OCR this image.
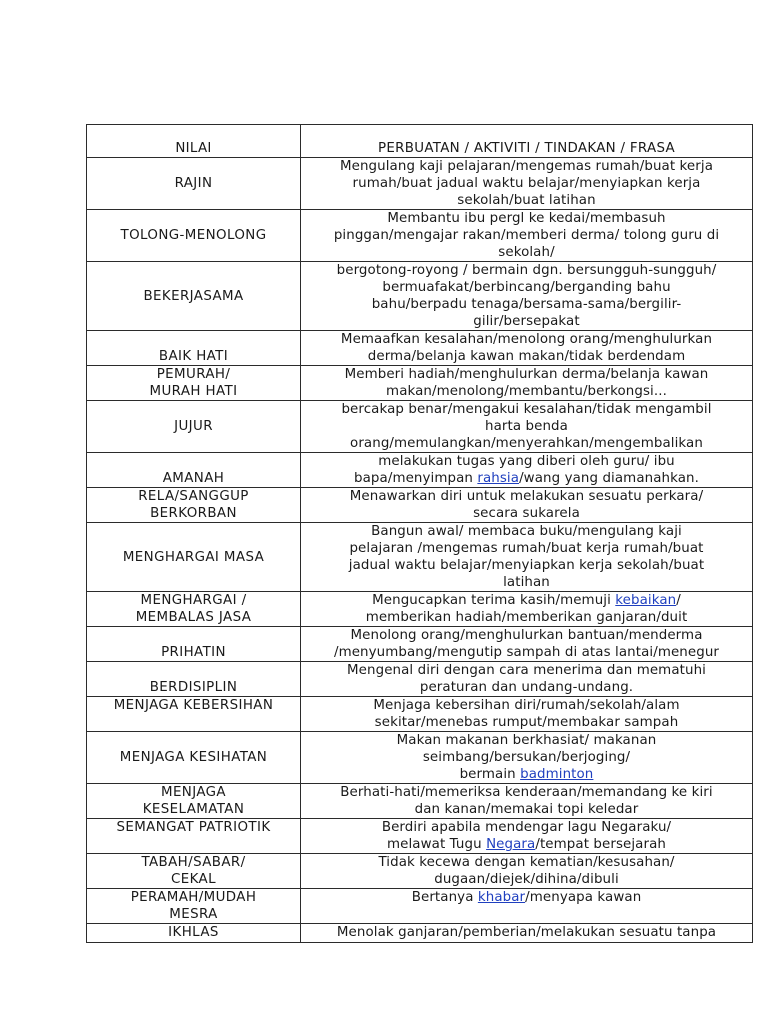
NILAI	PERBUATAN / AKTIVITI / TINDAKAN / FRASA

RAJIN	Mengulang kaji pelajaran/mengemas rumah/buat kerja
rumah/buat jadual waktu belajar/menyiapkan kerja
sekolah/buat latihan

TOLONG-MENOLONG	Membantu ibu pergl ke kedai/membasuh
pinggan/mengajar rakan/memberi derma/ tolong guru di
sekolah/

BEKERJASAMA	bergotong-royong / bermain dgn. bersungguh-sungguh/
bermuafakat/berbincang/berganding bahu
bahu/berpadu tenaga/bersama-sama/bergilir-
gilir/bersepakat

BAIK HATI	Memaafkan kesalahan/menolong orang/menghulurkan
derma/belanja kawan makan/tidak berdendam

PEMURAH/
MURAH HATI	Memberi hadiah/menghulurkan derma/belanja kawan
makan/menolong/membantu/berkongsi...

JUJUR	bercakap benar/mengakui kesalahan/tidak mengambil
harta benda
orang/memulangkan/menyerahkan/mengembalikan

AMANAH	melakukan tugas yang diberi oleh guru/ ibu
bapa/menyimpan rahsia/wang yang diamanahkan.

RELA/SANGGUP
BERKORBAN	Menawarkan diri untuk melakukan sesuatu perkara/
secara sukarela

MENGHARGAI MASA	Bangun awal/ membaca buku/mengulang kaji
pelajaran /mengemas rumah/buat kerja rumah/buat
jadual waktu belajar/menyiapkan kerja sekolah/buat
latihan

MENGHARGAI /
MEMBALAS JASA	Mengucapkan terima kasih/memuji kebaikan/
memberikan hadiah/memberikan ganjaran/duit

PRIHATIN	Menolong orang/menghulurkan bantuan/menderma
/menyumbang/mengutip sampah di atas lantai/menegur

BERDISIPLIN	Mengenal diri dengan cara menerima dan mematuhi
peraturan dan undang-undang.

MENJAGA KEBERSIHAN	Menjaga kebersihan diri/rumah/sekolah/alam
sekitar/menebas rumput/membakar sampah

MENJAGA KESIHATAN	Makan makanan berkhasiat/ makanan
seimbang/bersukan/berjoging/
bermain badminton

MENJAGA
KESELAMATAN	Berhati-hati/memeriksa kenderaan/memandang ke kiri
dan kanan/memakai topi keledar

SEMANGAT PATRIOTIK	Berdiri apabila mendengar lagu Negaraku/
melawat Tugu Negara/tempat bersejarah

TABAH/SABAR/
CEKAL	Tidak kecewa dengan kematian/kesusahan/
dugaan/diejek/dihina/dibuli

PERAMAH/MUDAH
MESRA	Bertanya khabar/menyapa kawan

IKHLAS	Menolak ganjaran/pemberian/melakukan sesuatu tanpa
